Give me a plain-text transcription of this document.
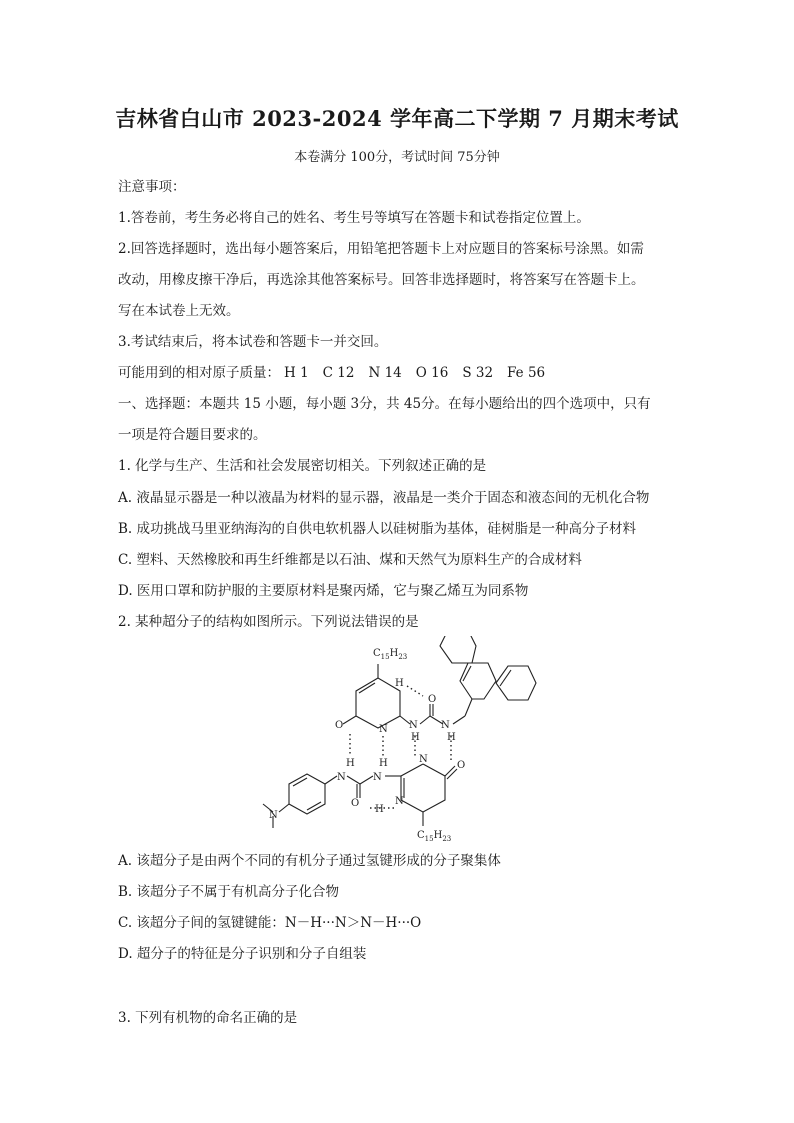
吉林省白山市 2023-2024 学年高二下学期 7 月期末考试
本卷满分 100分，考试时间 75分钟
注意事项：
1.答卷前，考生务必将自己的姓名、考生号等填写在答题卡和试卷指定位置上。
2.回答选择题时，选出每小题答案后，用铅笔把答题卡上对应题目的答案标号涂黑。如需
改动，用橡皮擦干净后，再选涂其他答案标号。回答非选择题时，将答案写在答题卡上。
写在本试卷上无效。
3.考试结束后，将本试卷和答题卡一并交回。
可能用到的相对原子质量： H 1 C 12 N 14 O 16 S 32 Fe 56
一、选择题：本题共 15 小题，每小题 3分，共 45分。在每小题给出的四个选项中，只有
一项是符合题目要求的。
1. 化学与生产、生活和社会发展密切相关。下列叙述正确的是
A. 液晶显示器是一种以液晶为材料的显示器，液晶是一类介于固态和液态间的无机化合物
B. 成功挑战马里亚纳海沟的自供电软机器人以硅树脂为基体，硅树脂是一种高分子材料
C. 塑料、天然橡胶和再生纤维都是以石油、煤和天然气为原料生产的合成材料
D. 医用口罩和防护服的主要原材料是聚丙烯，它与聚乙烯互为同系物
2. 某种超分子的结构如图所示。下列说法错误的是
$C_{15}H_{23}$
H
O	N N
O
N
H	H
H H	O
N	N
N
N
O
H
N
$C_{15}H_{23}$
A. 该超分子是由两个不同的有机分子通过氢键形成的分子聚集体
B. 该超分子不属于有机高分子化合物
C. 该超分子间的氢键键能：N－H···N＞N－H···O
D. 超分子的特征是分子识别和分子自组装
3. 下列有机物的命名正确的是
